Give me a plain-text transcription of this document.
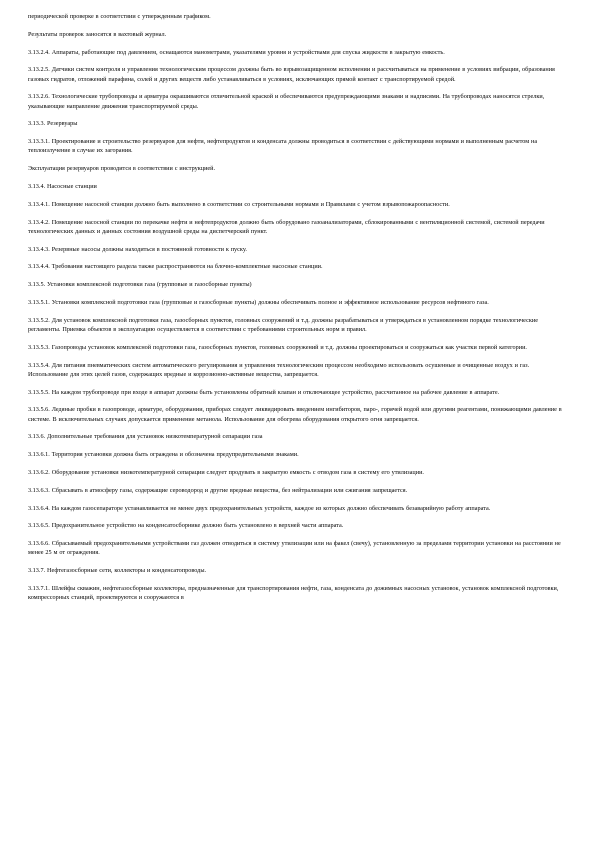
периодической проверке в соответствии с утвержденным графиком.

Результаты проверок заносятся в вахтовый журнал.

3.13.2.4. Аппараты, работающие под давлением, оснащаются манометрами, указателями уровня и устройствами для спуска жидкости в закрытую емкость.

3.13.2.5. Датчики систем контроля и управления технологическим процессом должны быть во взрывозащищенном исполнении и рассчитываться на применение в условиях вибрации, образования газовых гидратов, отложений парафина, солей и других веществ либо устанавливаться в условиях, исключающих прямой контакт с транспортируемой средой.

3.13.2.6. Технологические трубопроводы и арматура окрашиваются отличительной краской и обеспечиваются предупреждающими знаками и надписями. На трубопроводах наносятся стрелки, указывающие направление движения транспортируемой среды.

3.13.3. Резервуары

3.13.3.1. Проектирование и строительство резервуаров для нефти, нефтепродуктов и конденсата должны проводиться в соответствии с действующими нормами и выполненным расчетом на теплоизлучение в случае их загорания.

Эксплуатация резервуаров проводится в соответствии с инструкцией.

3.13.4. Насосные станции

3.13.4.1. Помещение насосной станции должно быть выполнено в соответствии со строительными нормами и Правилами с учетом взрывопожароопасности.

3.13.4.2. Помещение насосной станции по перекачке нефти и нефтепродуктов должно быть оборудовано газоанализаторами, сблокированными с вентиляционной системой, системой передачи технологических данных и данных состояния воздушной среды на диспетчерский пункт.

3.13.4.3. Резервные насосы должны находиться в постоянной готовности к пуску.

3.13.4.4. Требования настоящего раздела также распространяются на блочно-комплектные насосные станции.

3.13.5. Установки комплексной подготовки газа (групповые и газосборные пункты)

3.13.5.1. Установки комплексной подготовки газа (групповые и газосборные пункты) должны обеспечивать полное и эффективное использование ресурсов нефтяного газа.

3.13.5.2. Для установок комплексной подготовки газа, газосборных пунктов, головных сооружений и т.д. должны разрабатываться и утверждаться в установленном порядке технологические регламенты. Приемка объектов в эксплуатацию осуществляется в соответствии с требованиями строительных норм и правил.

3.13.5.3. Газопроводы установок комплексной подготовки газа, газосборных пунктов, головных сооружений и т.д. должны проектироваться и сооружаться как участки первой категории.

3.13.5.4. Для питания пневматических систем автоматического регулирования и управления технологическим процессом необходимо использовать осушенные и очищенные воздух и газ. Использование для этих целей газов, содержащих вредные и коррозионно-активные вещества, запрещается.

3.13.5.5. На каждом трубопроводе при входе в аппарат должны быть установлены обратный клапан и отключающее устройство, рассчитанное на рабочее давление в аппарате.

3.13.5.6. Ледяные пробки в газопроводе, арматуре, оборудовании, приборах следует ликвидировать введением ингибиторов, паро-, горячей водой или другими реагентами, понижающими давление в системе. В исключительных случаях допускается применение метанола. Использование для обогрева оборудования открытого огня запрещается.

3.13.6. Дополнительные требования для установок низкотемпературной сепарации газа

3.13.6.1. Территория установки должна быть ограждена и обозначена предупредительными знаками.

3.13.6.2. Оборудование установки низкотемпературной сепарации следует продувать в закрытую емкость с отводом газа в систему его утилизации.

3.13.6.3. Сбрасывать в атмосферу газы, содержащие сероводород и другие вредные вещества, без нейтрализации или сжигания запрещается.

3.13.6.4. На каждом газосепараторе устанавливается не менее двух предохранительных устройств, каждое из которых должно обеспечивать безаварийную работу аппарата.

3.13.6.5. Предохранительное устройство на конденсатосборнике должно быть установлено в верхней части аппарата.

3.13.6.6. Сбрасываемый предохранительными устройствами газ должен отводиться в систему утилизации или на факел (свечу), установленную за пределами территории установки на расстоянии не менее 25 м от ограждения.

3.13.7. Нефтегазосборные сети, коллекторы и конденсатопроводы.

3.13.7.1. Шлейфы скважин, нефтегазосборные коллекторы, предназначенные для транспортирования нефти, газа, конденсата до дожимных насосных установок, установок комплексной подготовки, компрессорных станций, проектируются и сооружаются в
